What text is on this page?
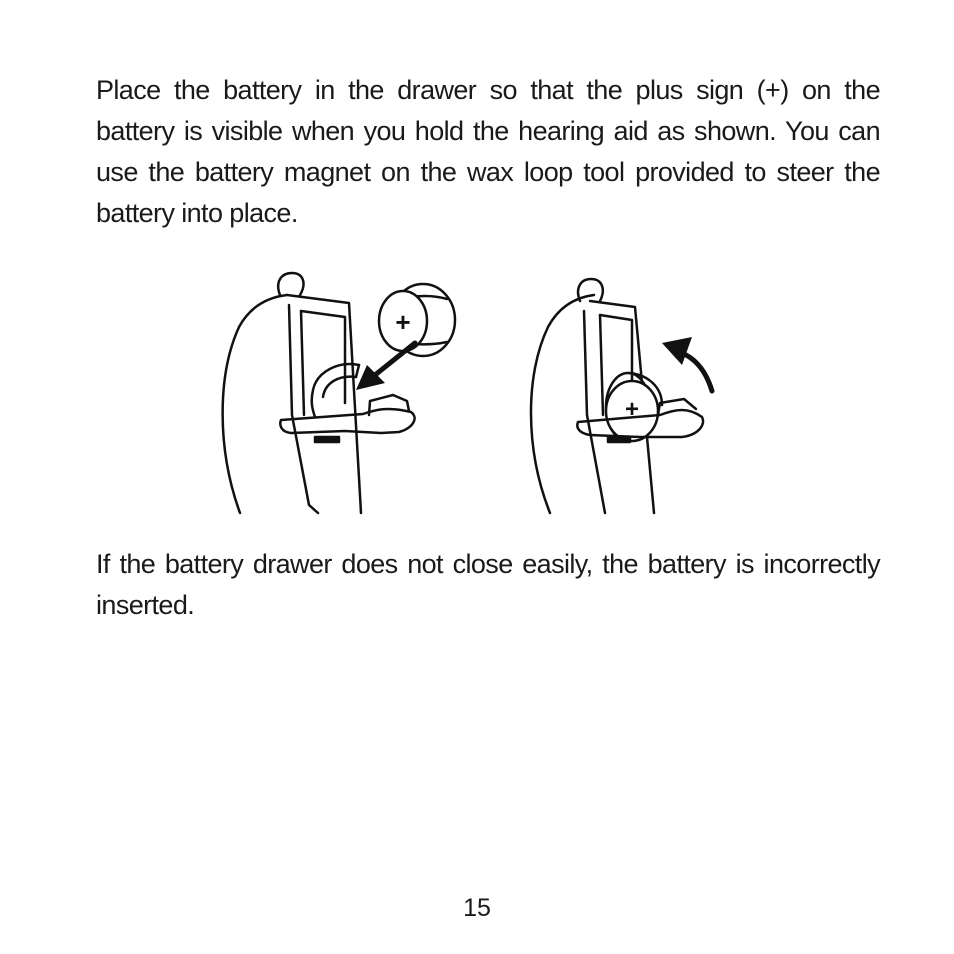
Place the battery in the drawer so that the plus sign (+) on the battery is visible when you hold the hearing aid as shown. You can use the battery magnet on the wax loop tool provided to steer the battery into place.

+
+

If the battery drawer does not close easily, the battery is incorrectly inserted.

15
